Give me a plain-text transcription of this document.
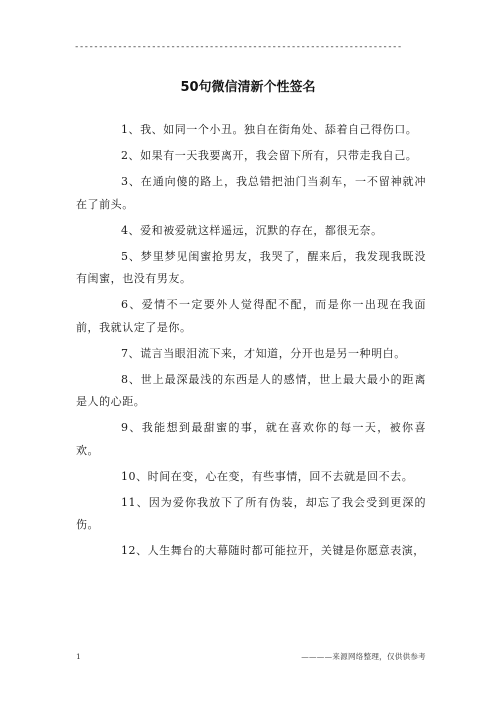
--------------------------------------------------------------------
50句微信清新个性签名

1、我、如同一个小丑。独自在街角处、舔着自己得伤口。

2、如果有一天我要离开，我会留下所有，只带走我自己。

3、在通向傻的路上，我总错把油门当刹车，一不留神就冲在了前头。

4、爱和被爱就这样遥远，沉默的存在，都很无奈。

5、梦里梦见闺蜜抢男友，我哭了，醒来后，我发现我既没有闺蜜，也没有男友。

6、爱情不一定要外人觉得配不配，而是你一出现在我面前，我就认定了是你。

7、谎言当眼泪流下来，才知道，分开也是另一种明白。

8、世上最深最浅的东西是人的感情，世上最大最小的距离是人的心距。

9、我能想到最甜蜜的事，就在喜欢你的每一天，被你喜欢。

10、时间在变，心在变，有些事情，回不去就是回不去。

11、因为爱你我放下了所有伪装，却忘了我会受到更深的伤。

12、人生舞台的大幕随时都可能拉开，关键是你愿意表演，

1	————来源网络整理，仅供供参考
